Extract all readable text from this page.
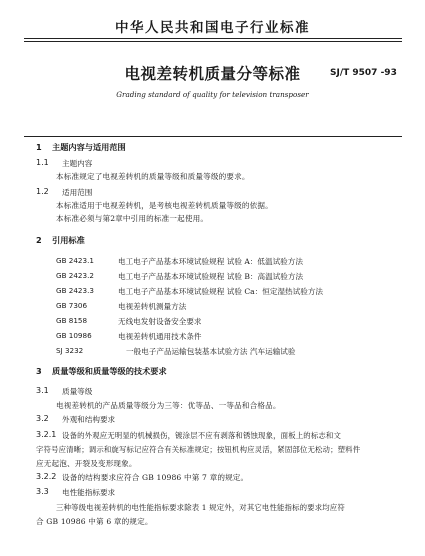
中华人民共和国电子行业标准
电视差转机质量分等标准	SJ/T 9507 -93
Grading standard of quality for television transposer
1 主题内容与适用范围
1.1 主题内容
本标准规定了电视差转机的质量等级和质量等级的要求。
1.2 适用范围
本标准适用于电视差转机，是考核电视差转机质量等级的依据。
本标准必须与第2章中引用的标准一起使用。
2 引用标准
GB 2423.1	电工电子产品基本环境试验规程 试验 A：低温试验方法
GB 2423.2	电工电子产品基本环境试验规程 试验 B：高温试验方法
GB 2423.3	电工电子产品基本环境试验规程 试验 Ca：恒定湿热试验方法
GB 7306	电视差转机测量方法
GB 8158	无线电发射设备安全要求
GB 10986	电视差转机通用技术条件
SJ 3232	一般电子产品运输包装基本试验方法 汽车运输试验
3 质量等级和质量等级的技术要求
3.1 质量等级
电视差转机的产品质量等级分为三等：优等品、一等品和合格品。
3.2 外观和结构要求
3.2.1 设备的外观应无明显的机械损伤，镀涂层不应有剥落和锈蚀现象，面板上的标志和文
字符号应清晰；调示和旋写标记应符合有关标准规定；按钮机构应灵活，紧固部位无松动；塑料件
应无起泡、开裂及变形现象。
3.2.2 设备的结构要求应符合 GB 10986 中第 7 章的规定。
3.3 电性能指标要求
三种等级电视差转机的电性能指标要求除表 1 规定外，对其它电性能指标的要求均应符
合 GB 10986 中第 6 章的规定。
